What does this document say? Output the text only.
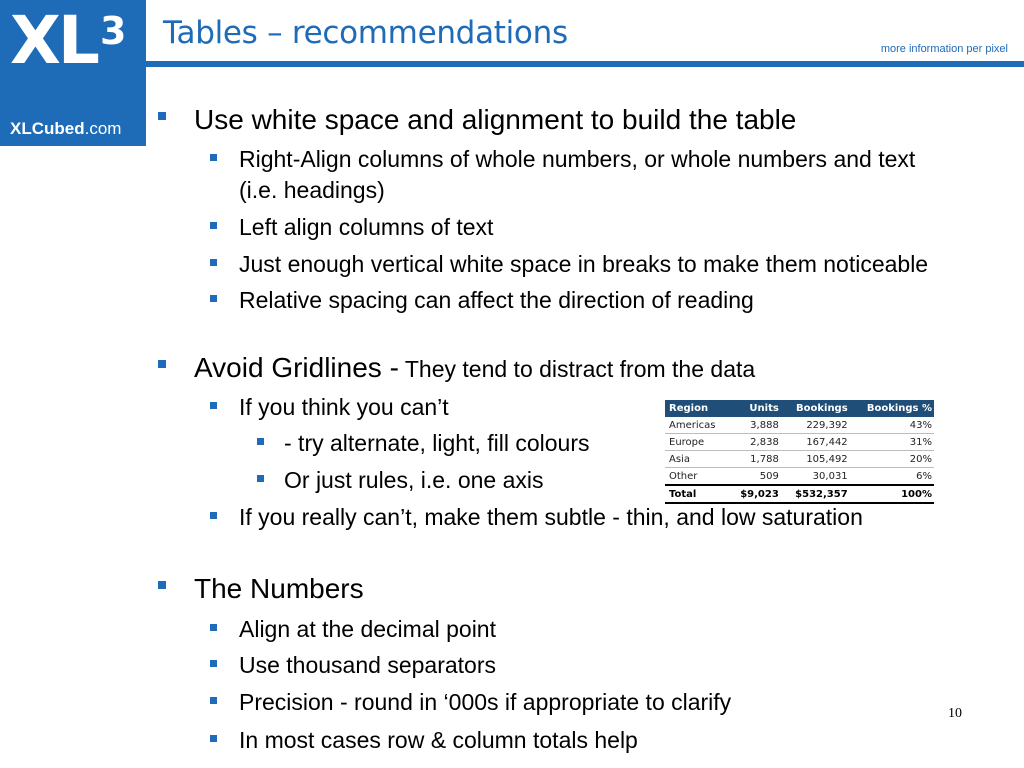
XL 3
XLCubed.com
Tables – recommendations	more information per pixel
Use white space and alignment to build the table
Right-Align columns of whole numbers, or whole numbers and text
(i.e. headings)
Left align columns of text
Just enough vertical white space in breaks to make them noticeable
Relative spacing can affect the direction of reading
Avoid Gridlines - They tend to distract from the data
If you think you can’t
- try alternate, light, fill colours
Or just rules, i.e. one axis
If you really can’t, make them subtle - thin, and low saturation
Region	Units	Bookings	Bookings %
Americas	3,888	229,392	43%
Europe	2,838	167,442	31%
Asia	1,788	105,492	20%
Other	509	30,031	6%
Total	$9,023	$532,357	100%
The Numbers
Align at the decimal point
Use thousand separators
Precision - round in ‘000s if appropriate to clarify
In most cases row & column totals help
10
